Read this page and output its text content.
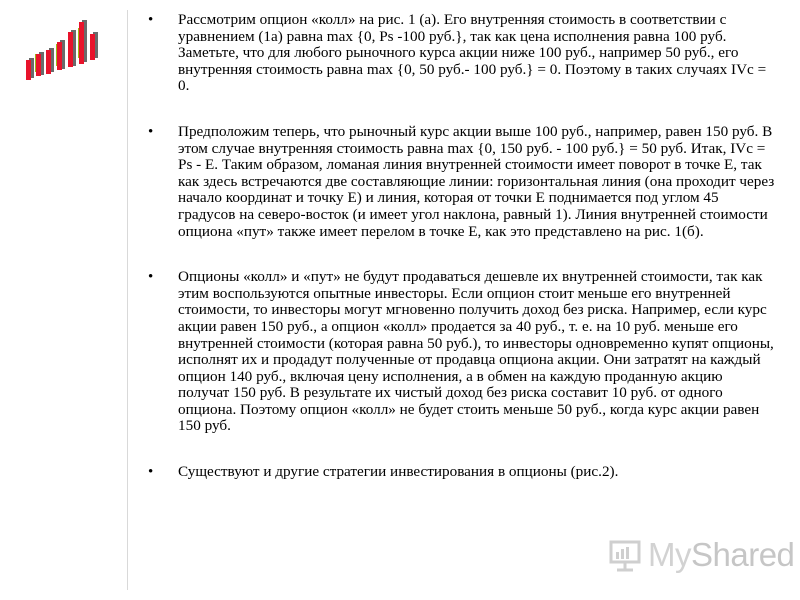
• Рассмотрим опцион «колл» на рис. 1 (а). Его внутренняя стоимость в соответствии с уравнением (1а) равна max {0, Рs -100 руб.}, так как цена исполнения равна 100 руб. Заметьте, что для любого рыночного курса акции ниже 100 руб., например 50 руб., его внутренняя стоимость равна max {0, 50 руб.- 100 руб.} = 0. Поэтому в таких случаях IVc = 0.
• Предположим теперь, что рыночный курс акции выше 100 руб., например, равен 150 руб. В этом случае внутренняя стоимость равна max {0, 150 руб. - 100 руб.} = 50 руб. Итак, IVc = Рs - Е. Таким образом, ломаная линия внутренней стоимости имеет поворот в точке Е, так как здесь встречаются две составляющие линии: горизонтальная линия (она проходит через начало координат и точку Е) и линия, которая от точки Е поднимается под углом 45 градусов на северо-восток (и имеет угол наклона, равный 1). Линия внутренней стоимости опциона «пут» также имеет перелом в точке Е, как это представлено на рис. 1(б).
• Опционы «колл» и «пут» не будут продаваться дешевле их внутренней стоимости, так как этим воспользуются опытные инвесторы. Если опцион стоит меньше его внутренней стоимости, то инвесторы могут мгновенно получить доход без риска. Например, если курс акции равен 150 руб., а опцион «колл» продается за 40 руб., т. е. на 10 руб. меньше его внутренней стоимости (которая равна 50 руб.), то инвесторы одновременно купят опционы, исполнят их и продадут полученные от продавца опциона акции. Они затратят на каждый опцион 140 руб., включая цену исполнения, а в обмен на каждую проданную акцию получат 150 руб. В результате их чистый доход без риска составит 10 руб. от одного опциона. Поэтому опцион «колл» не будет стоить меньше 50 руб., когда курс акции равен 150 руб.
• Существуют и другие стратегии инвестирования в опционы (рис.2).
My Shared
